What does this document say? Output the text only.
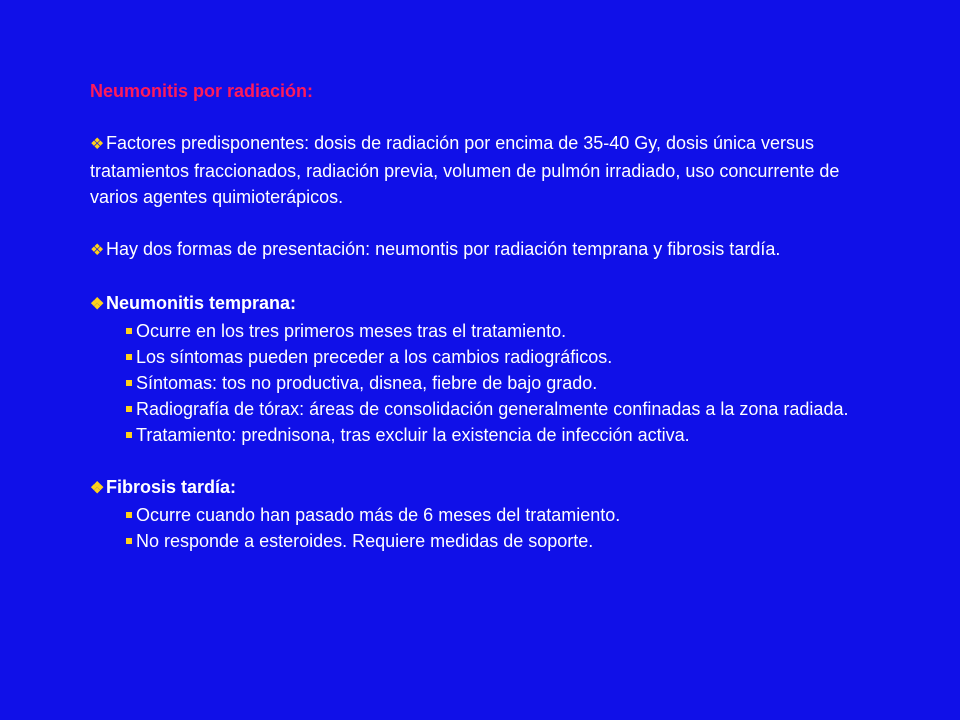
Neumonitis por radiación:

❖Factores predisponentes: dosis de radiación por encima de 35-40 Gy, dosis única versus tratamientos fraccionados, radiación previa, volumen de pulmón irradiado, uso concurrente de varios agentes quimioterápicos.

❖Hay dos formas de presentación: neumontis por radiación temprana y fibrosis tardía.

❖Neumonitis temprana:

Ocurre en los tres primeros meses tras el tratamiento.

Los síntomas pueden preceder a los cambios radiográficos.

Síntomas: tos no productiva, disnea, fiebre de bajo grado.

Radiografía de tórax: áreas de consolidación generalmente confinadas a la zona radiada.

Tratamiento: prednisona, tras excluir la existencia de infección activa.

❖Fibrosis tardía:

Ocurre cuando han pasado más de 6 meses del tratamiento.

No responde a esteroides. Requiere medidas de soporte.
